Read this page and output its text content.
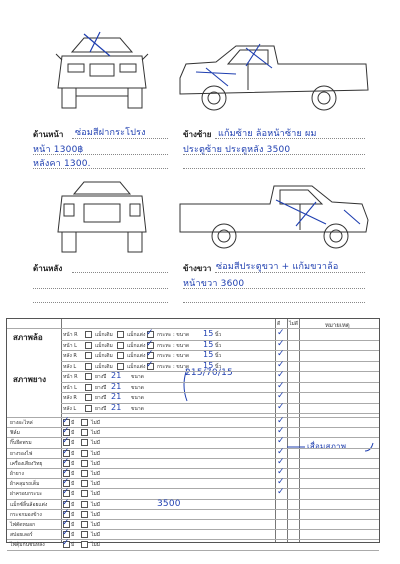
ด้านหน้า ซ่อมสีฝากระโปรง
หน้า 1300฿
หลังคา 1300.
ข้างซ้าย แก้มซ้าย ล้อหน้าซ้าย ผม
ประตูซ้าย ประตูหลัง 3500
ด้านหลัง	ข้างขวา ซ่อมสีประตูขวา + แก้มขวาล้อ
หน้าขวา 3600
ดี ไม่ดี	หมายเหตุ
สภาพล้อ
สภาพยาง
เสื่อมสภาพ
215/70/15
หน้า R	แม็กเดิม	แม็กแต่ง ✓ กระทะ : ขนาด 15 นิ้ว	✓
หน้า L	แม็กเดิม	แม็กแต่ง ✓ กระทะ : ขนาด 15 นิ้ว	✓
หลัง R	แม็กเดิม	แม็กแต่ง ✓ กระทะ : ขนาด 15 นิ้ว	✓
หลัง L	แม็กเดิม	แม็กแต่ง ✓ กระทะ : ขนาด 15 นิ้ว	✓
หน้า R	ยางปี 21 ขนาด	✓
หน้า L	ยางปี 21 ขนาด	✓
หลัง R	ยางปี 21 ขนาด	✓
หลัง L	ยางปี 21 ขนาด	✓
ยางอะไหล่	✓ มี	ไม่มี	✓
ฟิล์ม	✓ มี	ไม่มี	✓
กิ๊บยึดพรม	✓ มี	ไม่มี	✓
ยางรองไฟ	✓ มี	ไม่มี	✓
เครื่องเสียงวิทยุ ✓ มี	ไม่มี	✓
ผ้ายาง	✓ มี	ไม่มี	✓
ผ้าคลุมรถเต็ม	✓ มี	ไม่มี	✓
ฝาครอบกระบะ ✓ มี	ไม่มี	✓
แม็กซ์ลิ้นล้อยแต่ง ✓ มี	ไม่มี	3500
กระจกมองข้าง ✓ มี	ไม่มี
ไฟตัดหมอก	✓ มี	ไม่มี
สปอยเลอร์	✓ มี	ไม่มี
ไฟตุ้มกันชนหลัง ✓ มี	ไม่มี
